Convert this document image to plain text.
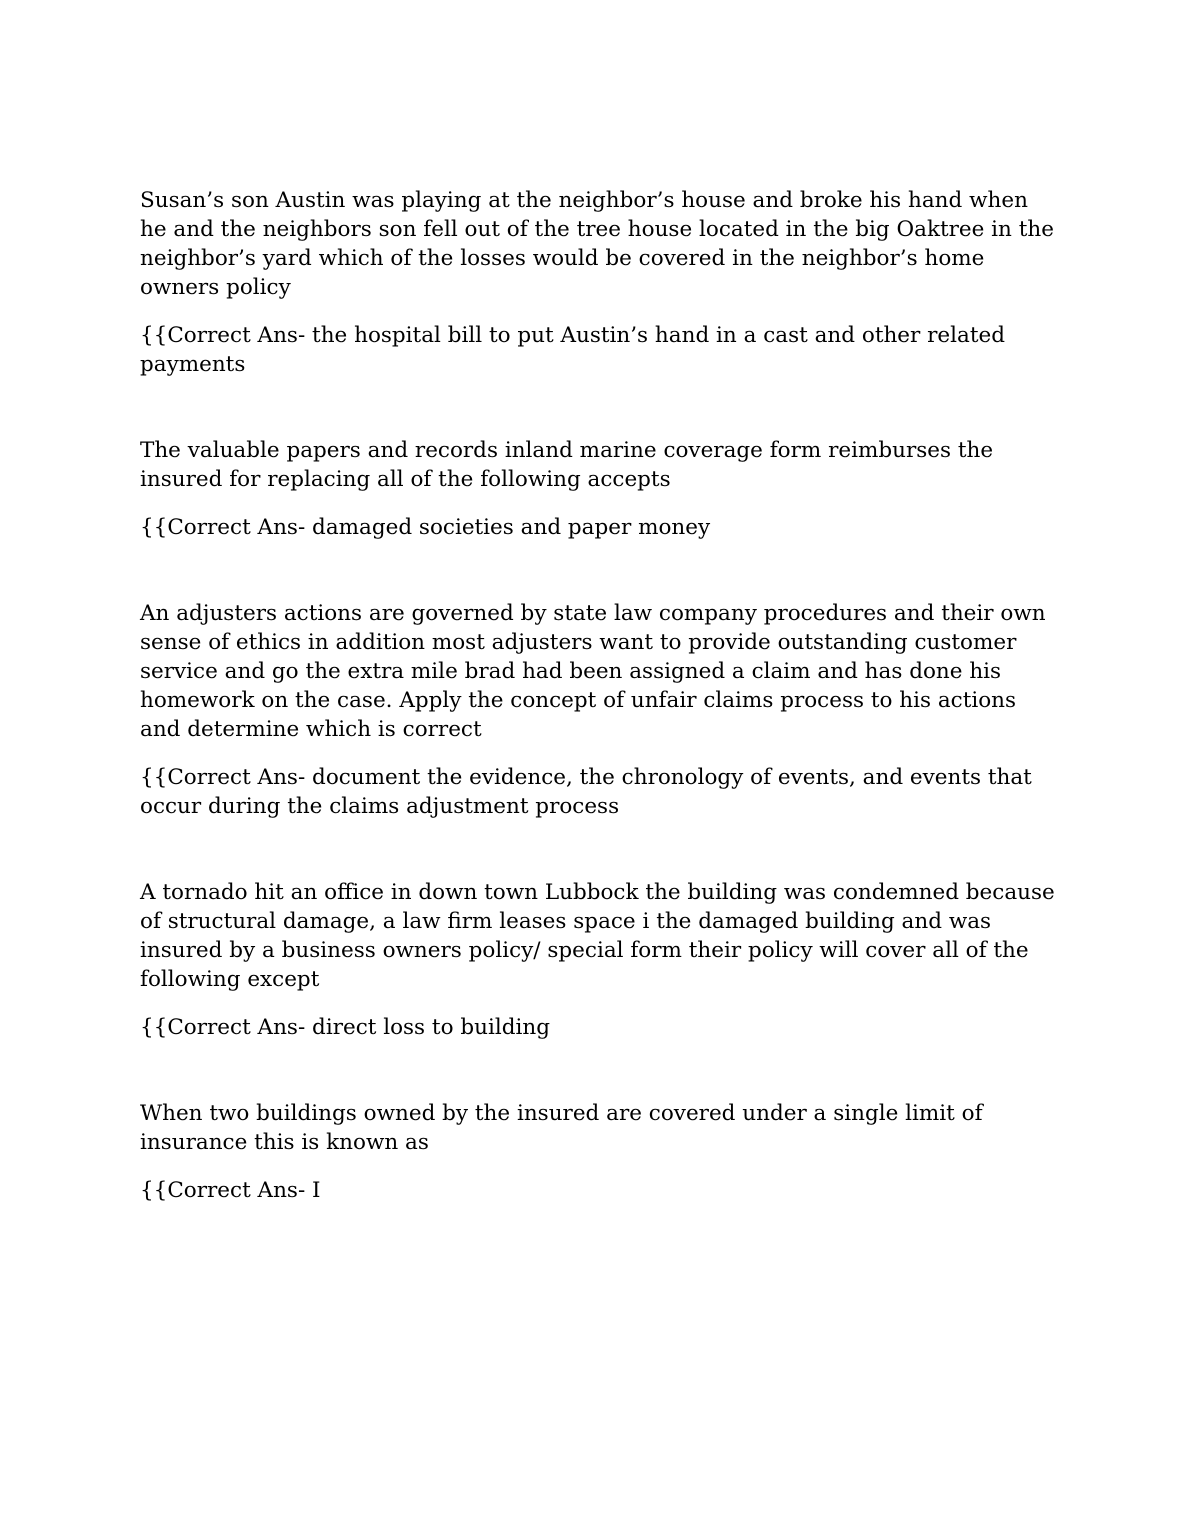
Susan’s son Austin was playing at the neighbor’s house and broke his hand when he and the neighbors son fell out of the tree house located in the big Oaktree in the neighbor’s yard which of the losses would be covered in the neighbor’s home owners policy

{{Correct Ans- the hospital bill to put Austin’s hand in a cast and other related payments

The valuable papers and records inland marine coverage form reimburses the insured for replacing all of the following accepts

{{Correct Ans- damaged societies and paper money

An adjusters actions are governed by state law company procedures and their own sense of ethics in addition most adjusters want to provide outstanding customer service and go the extra mile brad had been assigned a claim and has done his homework on the case. Apply the concept of unfair claims process to his actions and determine which is correct

{{Correct Ans- document the evidence, the chronology of events, and events that occur during the claims adjustment process

A tornado hit an office in down town Lubbock the building was condemned because of structural damage, a law firm leases space i the damaged building and was insured by a business owners policy/ special form their policy will cover all of the following except

{{Correct Ans- direct loss to building

When two buildings owned by the insured are covered under a single limit of insurance this is known as

{{Correct Ans- I
